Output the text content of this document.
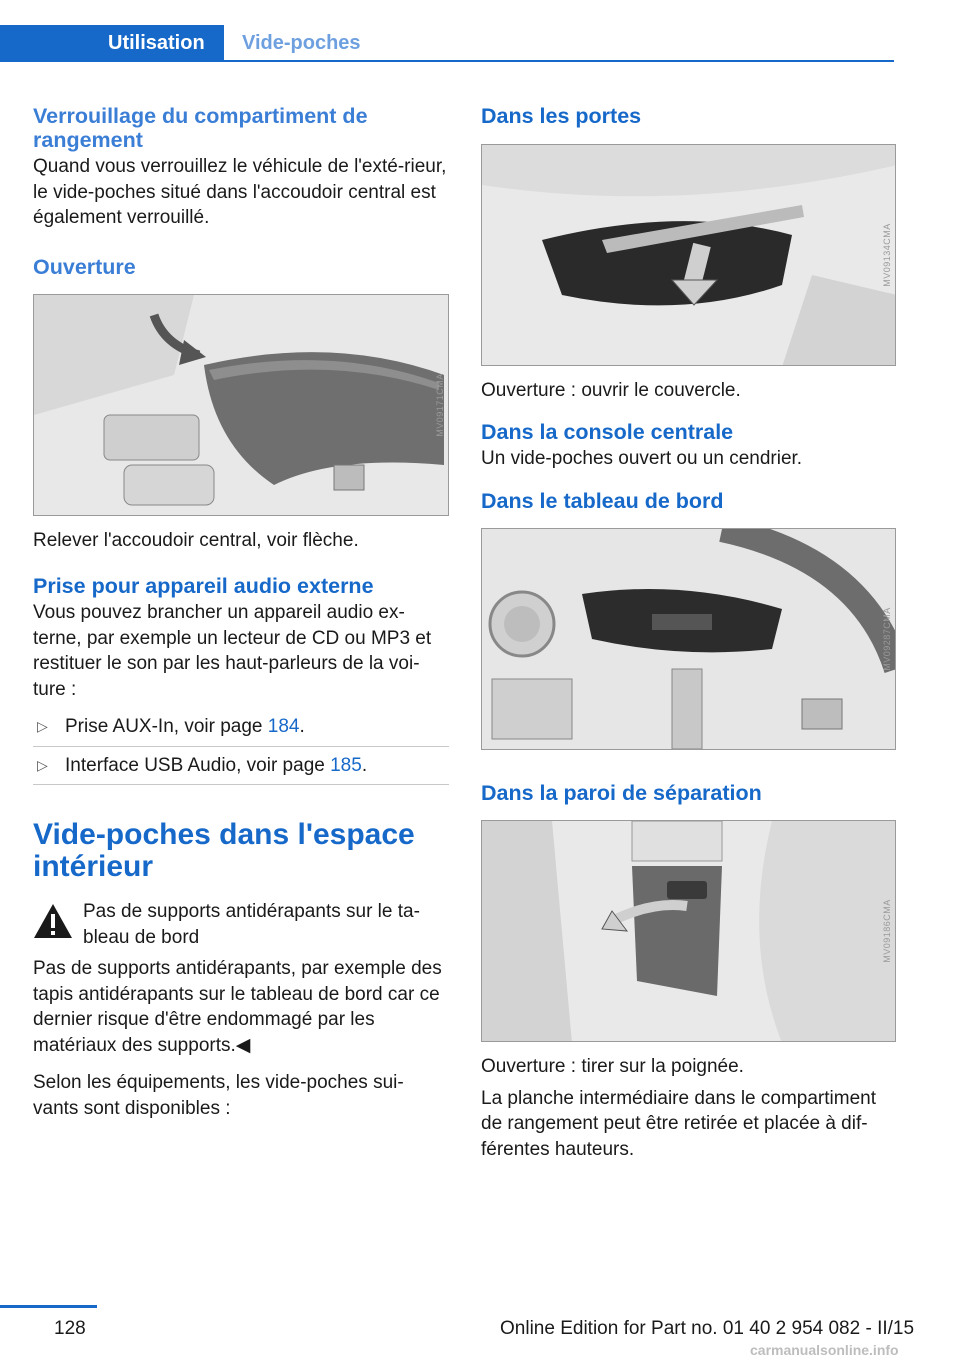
Utilisation	Vide-poches
Verrouillage du compartiment de rangement

Quand vous verrouillez le véhicule de l'exté-rieur, le vide-poches situé dans l'accoudoir central est également verrouillé.

Ouverture
MV09171CMA

Relever l'accoudoir central, voir flèche.

Prise pour appareil audio externe

Vous pouvez brancher un appareil audio ex-terne, par exemple un lecteur de CD ou MP3 et restituer le son par les haut-parleurs de la voi-ture :

▷ Prise AUX-In, voir page 184.
▷ Interface USB Audio, voir page 185.
Vide-poches dans l'espace intérieur

Pas de supports antidérapants sur le ta-bleau de bord

Pas de supports antidérapants, par exemple des tapis antidérapants sur le tableau de bord car ce dernier risque d'être endommagé par les matériaux des supports.◀

Selon les équipements, les vide-poches sui-vants sont disponibles :

Dans les portes
MV09134CMA

Ouverture : ouvrir le couvercle.

Dans la console centrale

Un vide-poches ouvert ou un cendrier.

Dans le tableau de bord
MV09287CMA
Dans la paroi de séparation
MV09186CMA

Ouverture : tirer sur la poignée.

La planche intermédiaire dans le compartiment de rangement peut être retirée et placée à dif-férentes hauteurs.

128	Online Edition for Part no. 01 40 2 954 082 - II/15
carmanualsonline.info
